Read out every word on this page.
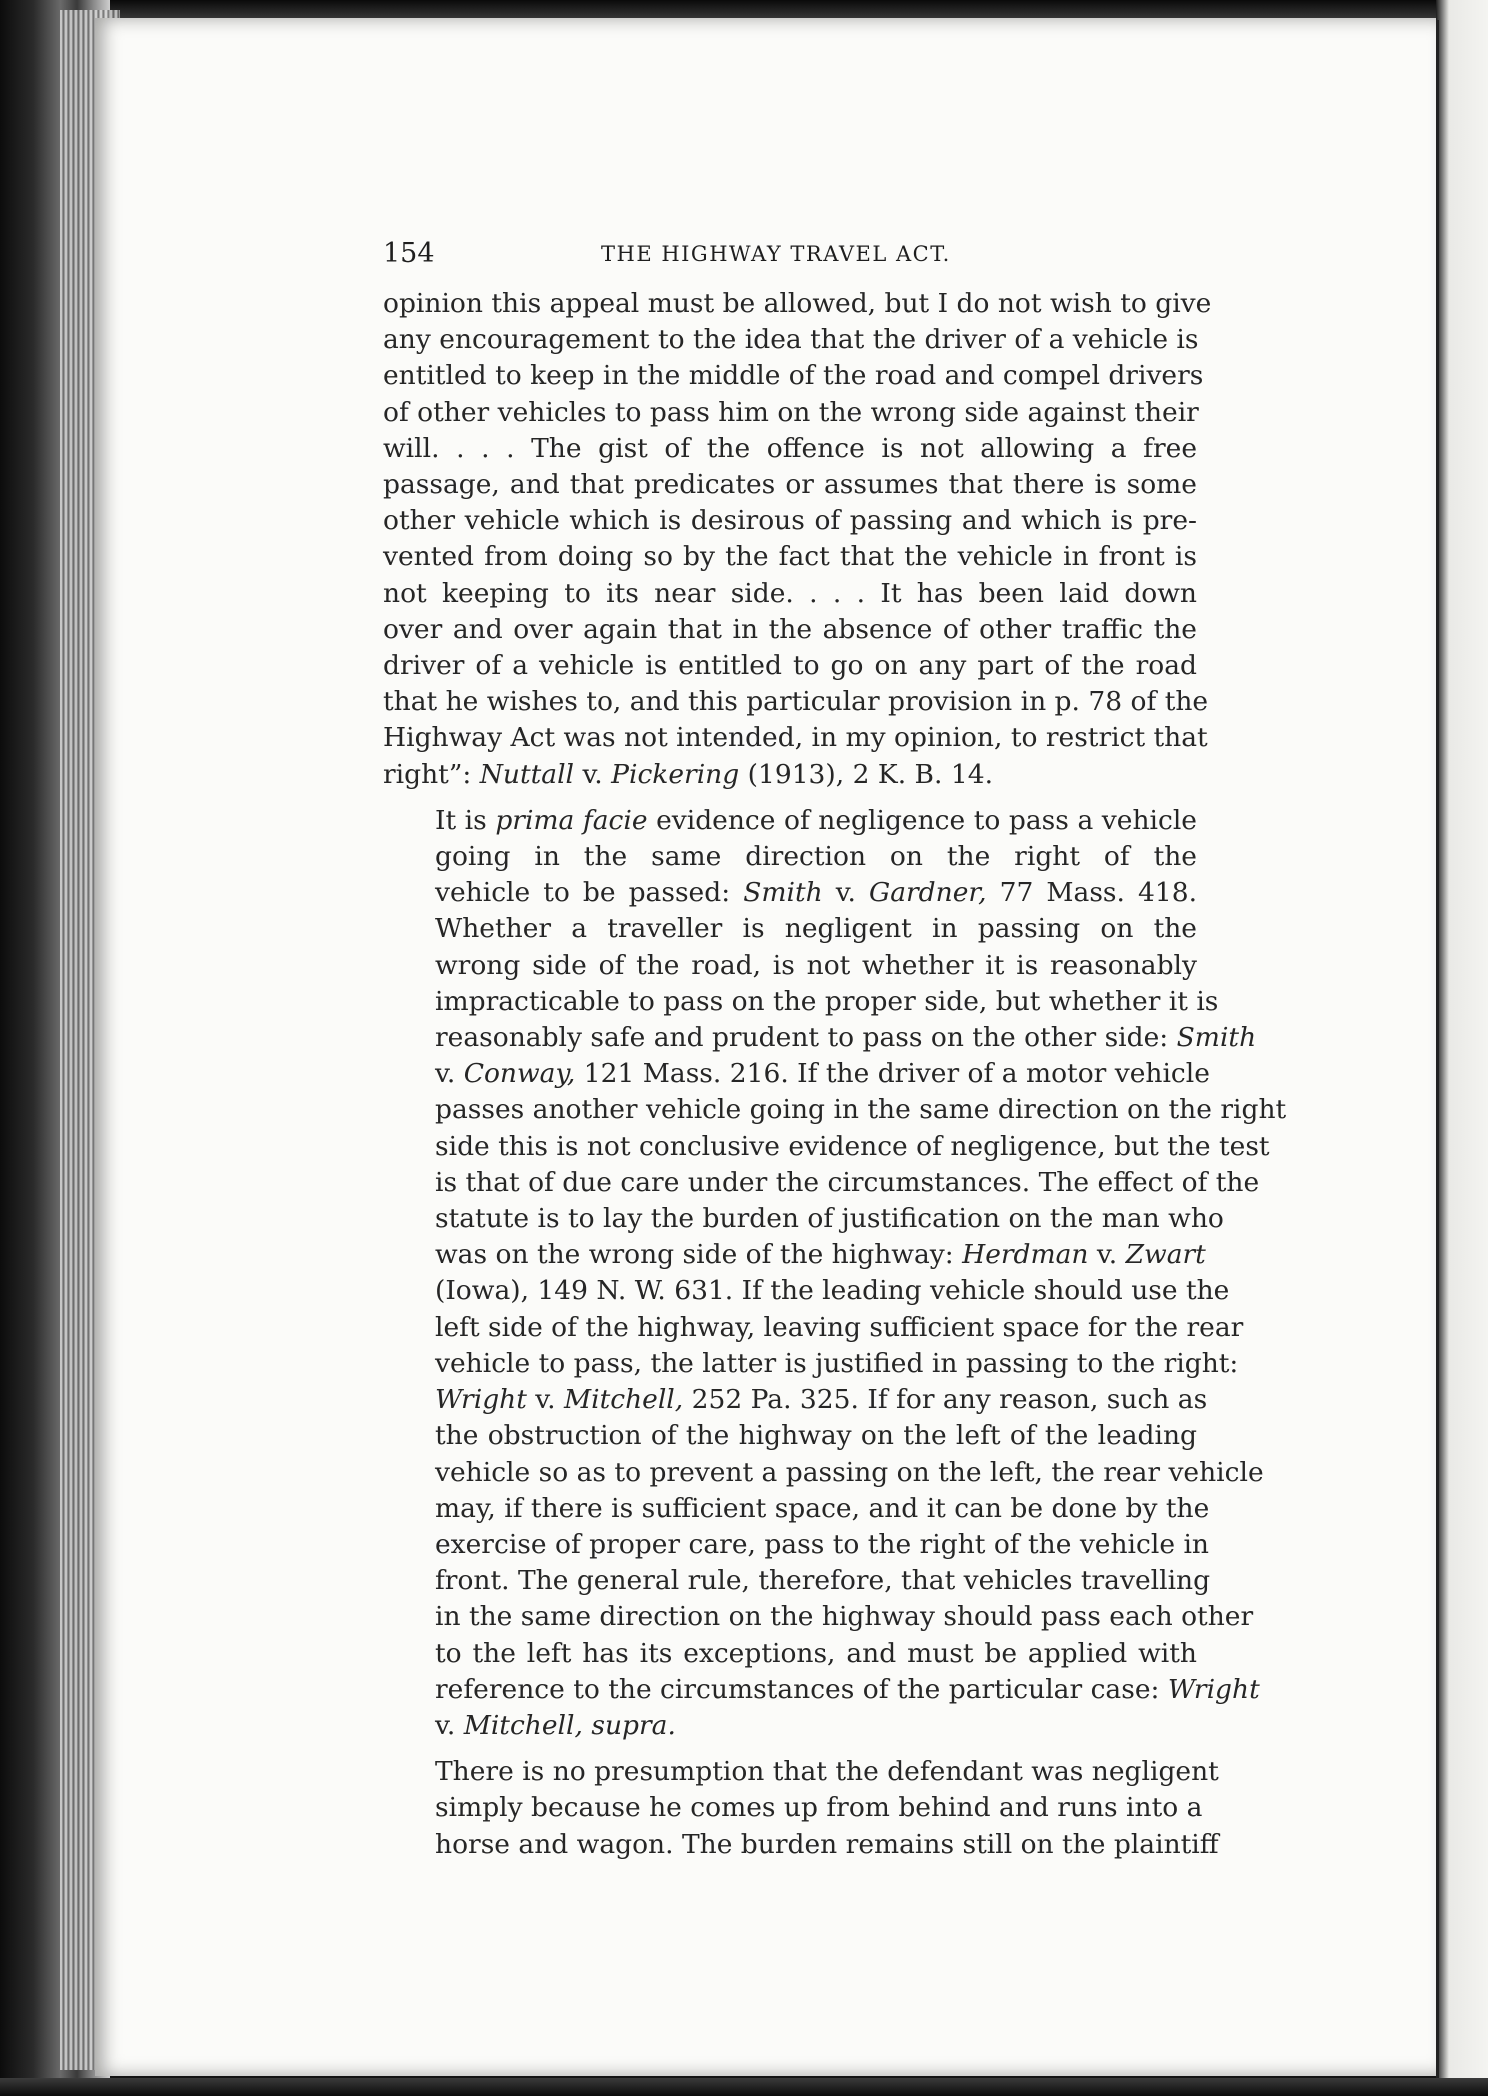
154	THE HIGHWAY TRAVEL ACT.

opinion this appeal must be allowed, but I do not wish to give
any encouragement to the idea that the driver of a vehicle is
entitled to keep in the middle of the road and compel drivers
of other vehicles to pass him on the wrong side against their
will. . . . The gist of the offence is not allowing a free
passage, and that predicates or assumes that there is some
other vehicle which is desirous of passing and which is pre-
vented from doing so by the fact that the vehicle in front is
not keeping to its near side. . . . It has been laid down
over and over again that in the absence of other traffic the
driver of a vehicle is entitled to go on any part of the road
that he wishes to, and this particular provision in p. 78 of the
Highway Act was not intended, in my opinion, to restrict that
right”: Nuttall v. Pickering (1913), 2 K. B. 14.

It is prima facie evidence of negligence to pass a vehicle
going in the same direction on the right of the
vehicle to be passed: Smith v. Gardner, 77 Mass. 418.
Whether a traveller is negligent in passing on the
wrong side of the road, is not whether it is reasonably
impracticable to pass on the proper side, but whether it is
reasonably safe and prudent to pass on the other side: Smith
v. Conway, 121 Mass. 216. If the driver of a motor vehicle
passes another vehicle going in the same direction on the right
side this is not conclusive evidence of negligence, but the test
is that of due care under the circumstances. The effect of the
statute is to lay the burden of justification on the man who
was on the wrong side of the highway: Herdman v. Zwart
(Iowa), 149 N. W. 631. If the leading vehicle should use the
left side of the highway, leaving sufficient space for the rear
vehicle to pass, the latter is justified in passing to the right:
Wright v. Mitchell, 252 Pa. 325. If for any reason, such as
the obstruction of the highway on the left of the leading
vehicle so as to prevent a passing on the left, the rear vehicle
may, if there is sufficient space, and it can be done by the
exercise of proper care, pass to the right of the vehicle in
front. The general rule, therefore, that vehicles travelling
in the same direction on the highway should pass each other
to the left has its exceptions, and must be applied with
reference to the circumstances of the particular case: Wright
v. Mitchell, supra.

There is no presumption that the defendant was negligent
simply because he comes up from behind and runs into a
horse and wagon. The burden remains still on the plaintiff
